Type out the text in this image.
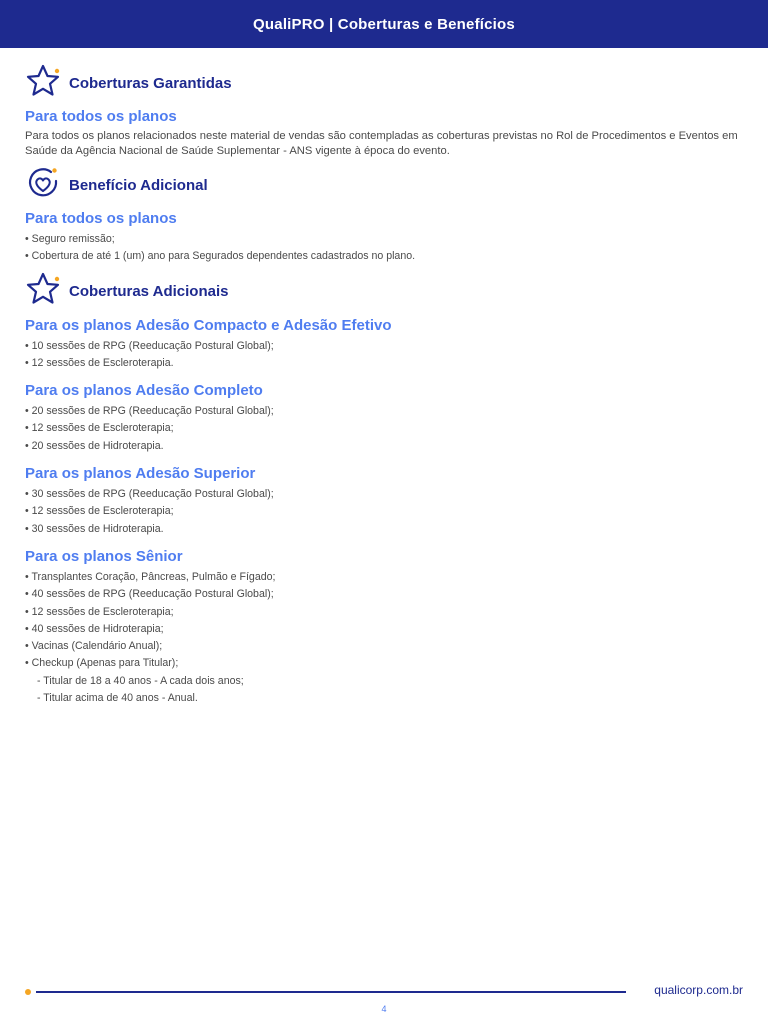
QualiPRO | Coberturas e Benefícios
Coberturas Garantidas
Para todos os planos

Para todos os planos relacionados neste material de vendas são contempladas as coberturas previstas no Rol de Procedimentos e Eventos em Saúde da Agência Nacional de Saúde Suplementar - ANS vigente à época do evento.

Benefício Adicional
Para todos os planos
• Seguro remissão;
• Cobertura de até 1 (um) ano para Segurados dependentes cadastrados no plano.
Coberturas Adicionais
Para os planos Adesão Compacto e Adesão Efetivo
• 10 sessões de RPG (Reeducação Postural Global);
• 12 sessões de Escleroterapia.
Para os planos Adesão Completo
• 20 sessões de RPG (Reeducação Postural Global);
• 12 sessões de Escleroterapia;
• 20 sessões de Hidroterapia.
Para os planos Adesão Superior
• 30 sessões de RPG (Reeducação Postural Global);
• 12 sessões de Escleroterapia;
• 30 sessões de Hidroterapia.
Para os planos Sênior
• Transplantes Coração, Pâncreas, Pulmão e Fígado;
• 40 sessões de RPG (Reeducação Postural Global);
• 12 sessões de Escleroterapia;
• 40 sessões de Hidroterapia;
• Vacinas (Calendário Anual);
• Checkup (Apenas para Titular);
- Titular de 18 a 40 anos - A cada dois anos;
- Titular acima de 40 anos - Anual.
qualicorp.com.br
4
